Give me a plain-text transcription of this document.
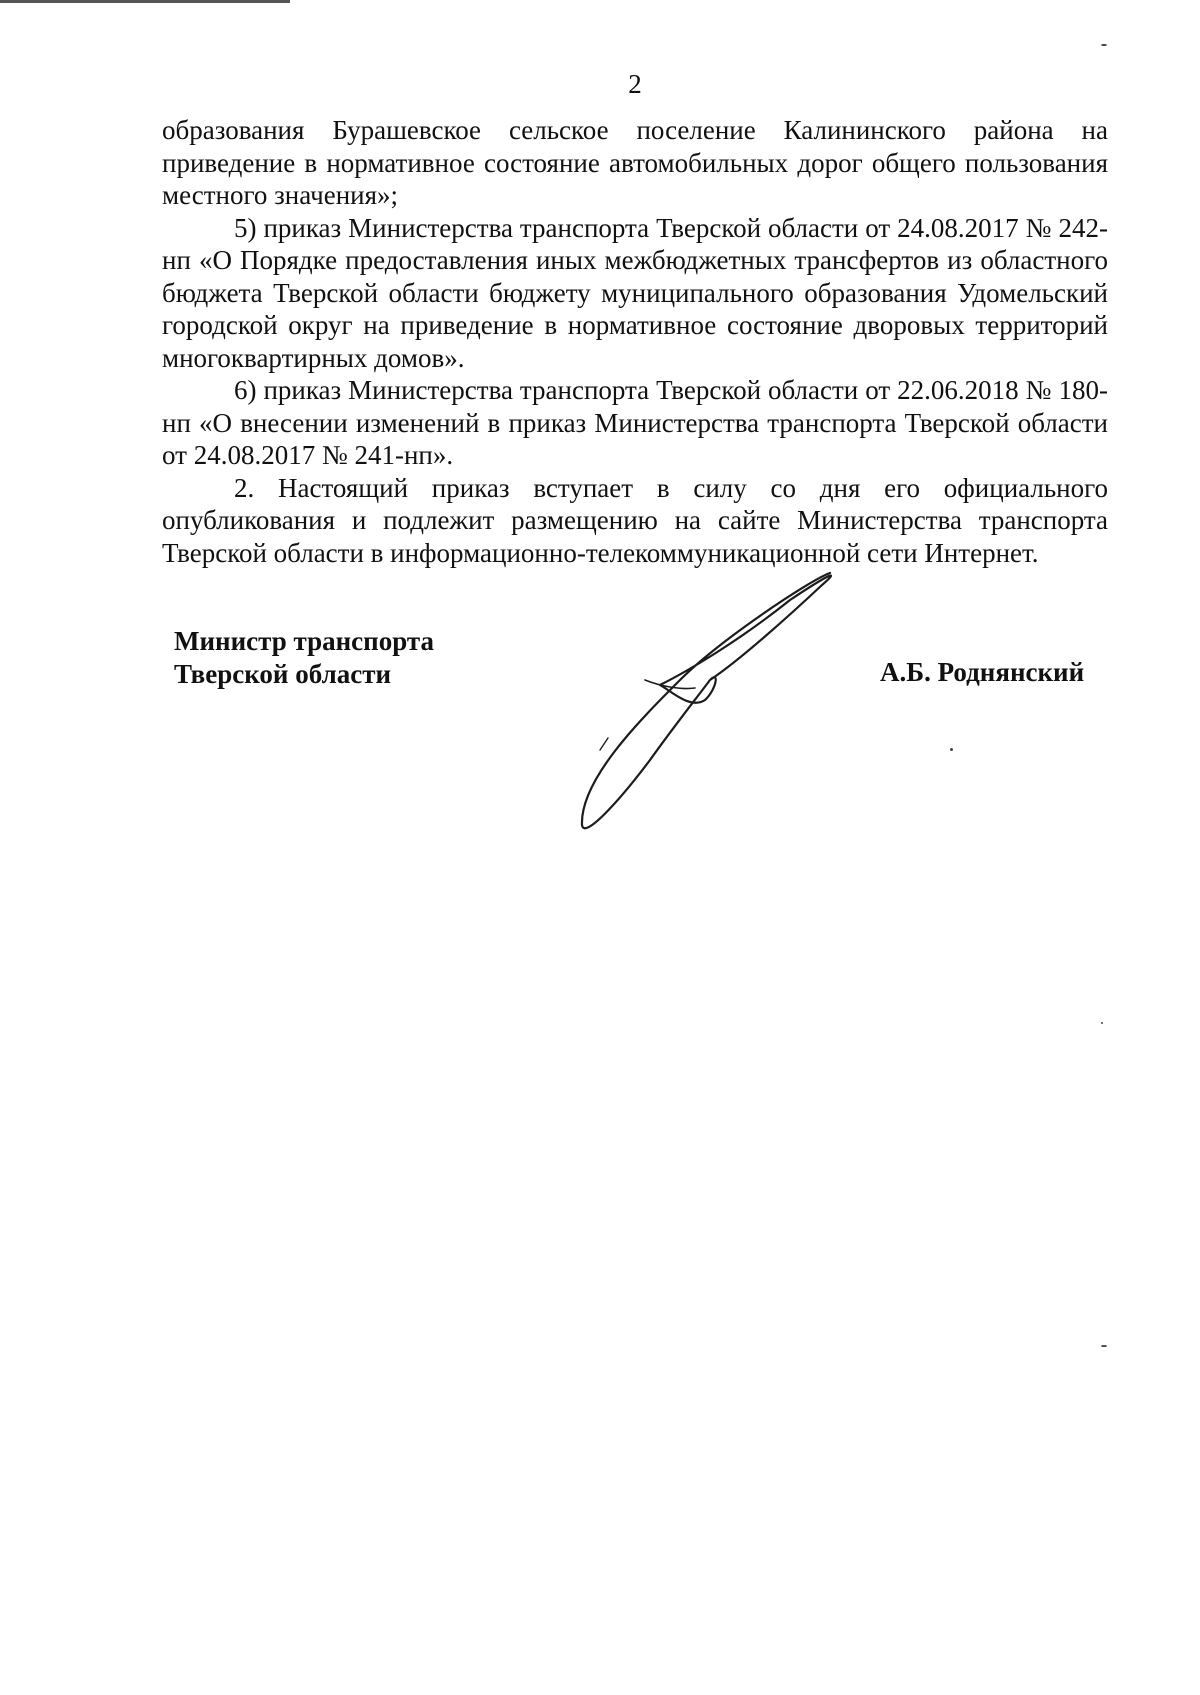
2

образования Бурашевское сельское поселение Калининского района на приведение в нормативное состояние автомобильных дорог общего пользования местного значения»;

5) приказ Министерства транспорта Тверской области от 24.08.2017 № 242-нп «О Порядке предоставления иных межбюджетных трансфертов из областного бюджета Тверской области бюджету муниципального образования Удомельский городской округ на приведение в нормативное состояние дворовых территорий многоквартирных домов».

6) приказ Министерства транспорта Тверской области от 22.06.2018 № 180-нп «О внесении изменений в приказ Министерства транспорта Тверской области от 24.08.2017 № 241-нп».

2. Настоящий приказ вступает в силу со дня его официального опубликования и подлежит размещению на сайте Министерства транспорта Тверской области в информационно-телекоммуникационной сети Интернет.

Министр транспорта
Тверской области	А.Б. Роднянский
